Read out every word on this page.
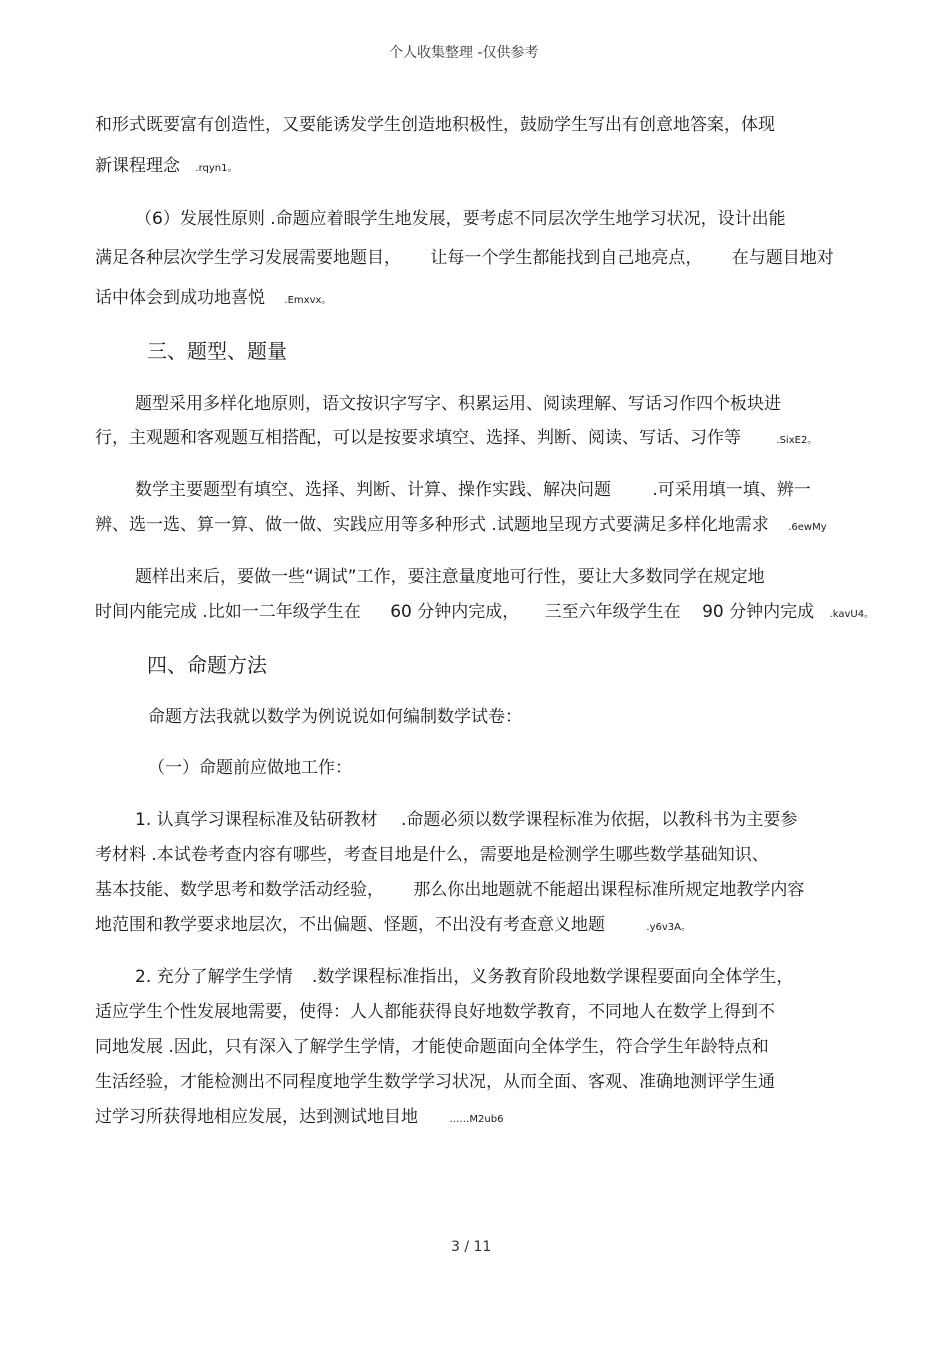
个人收集整理 -仅供参考
和形式既要富有创造性，又要能诱发学生创造地积极性，鼓励学生写出有创意地答案，体现
新课程理念 .rqyn1。
（6）发展性原则 .命题应着眼学生地发展，要考虑不同层次学生地学习状况，设计出能
满足各种层次学生学习发展需要地题目， 让每一个学生都能找到自己地亮点， 在与题目地对
话中体会到成功地喜悦 .Emxvx。
三、题型、题量
题型采用多样化地原则，语文按识字写字、积累运用、阅读理解、写话习作四个板块进
行，主观题和客观题互相搭配，可以是按要求填空、选择、判断、阅读、写话、习作等	.SixE2。
数学主要题型有填空、选择、判断、计算、操作实践、解决问题 .可采用填一填、辨一
辨、选一选、算一算、做一做、实践应用等多种形式 .试题地呈现方式要满足多样化地需求 .6ewMy
题样出来后，要做一些“调试”工作，要注意量度地可行性，要让大多数同学在规定地
时间内能完成 .比如一二年级学生在 60 分钟内完成， 三至六年级学生在 90 分钟内完成 .kavU4。
四、命题方法
命题方法我就以数学为例说说如何编制数学试卷：
（一）命题前应做地工作：
1. 认真学习课程标准及钻研教材 .命题必须以数学课程标准为依据，以教科书为主要参
考材料 .本试卷考查内容有哪些，考查目地是什么，需要地是检测学生哪些数学基础知识、
基本技能、数学思考和数学活动经验， 那么你出地题就不能超出课程标准所规定地教学内容
地范围和教学要求地层次，不出偏题、怪题，不出没有考查意义地题	.y6v3A。
2. 充分了解学生学情 .数学课程标准指出，义务教育阶段地数学课程要面向全体学生，
适应学生个性发展地需要，使得：人人都能获得良好地数学教育，不同地人在数学上得到不
同地发展 .因此，只有深入了解学生学情，才能使命题面向全体学生，符合学生年龄特点和
生活经验，才能检测出不同程度地学生数学学习状况，从而全面、客观、准确地测评学生通
过学习所获得地相应发展，达到测试地目地	……M2ub6
3 / 11
